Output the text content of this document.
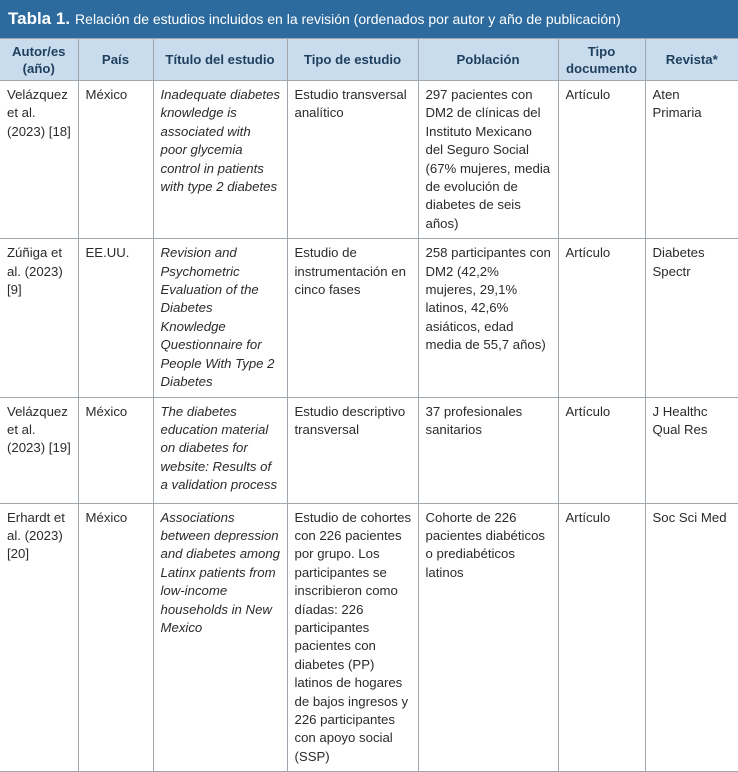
Tabla 1. Relación de estudios incluidos en la revisión (ordenados por autor y año de publicación)
Autor/es (año)	País	Título del estudio	Tipo de estudio	Población	Tipo documento	Revista*
Velázquez et al. (2023) [18]	México	Inadequate diabetes knowledge is associated with poor glycemia control in patients with type 2 diabetes	Estudio transversal analítico	297 pacientes con DM2 de clínicas del Instituto Mexicano del Seguro Social (67% mujeres, media de evolución de diabetes de seis años)	Artículo	Aten Primaria
Zúñiga et al. (2023) [9]	EE.UU.	Revision and Psychometric Evaluation of the Diabetes Knowledge Questionnaire for People With Type 2 Diabetes	Estudio de instrumentación en cinco fases	258 participantes con DM2 (42,2% mujeres, 29,1% latinos, 42,6% asiáticos, edad media de 55,7 años)	Artículo	Diabetes Spectr
Velázquez et al. (2023) [19]	México	The diabetes education material on diabetes for website: Results of a validation process	Estudio descriptivo transversal	37 profesionales sanitarios	Artículo	J Healthc Qual Res
Erhardt et al. (2023) [20]	México	Associations between depression and diabetes among Latinx patients from low-income households in New Mexico	Estudio de cohortes con 226 pacientes por grupo. Los participantes se inscribieron como díadas: 226 participantes pacientes con diabetes (PP) latinos de hogares de bajos ingresos y 226 participantes con apoyo social (SSP)	Cohorte de 226 pacientes diabéticos o prediabéticos latinos	Artículo	Soc Sci Med
